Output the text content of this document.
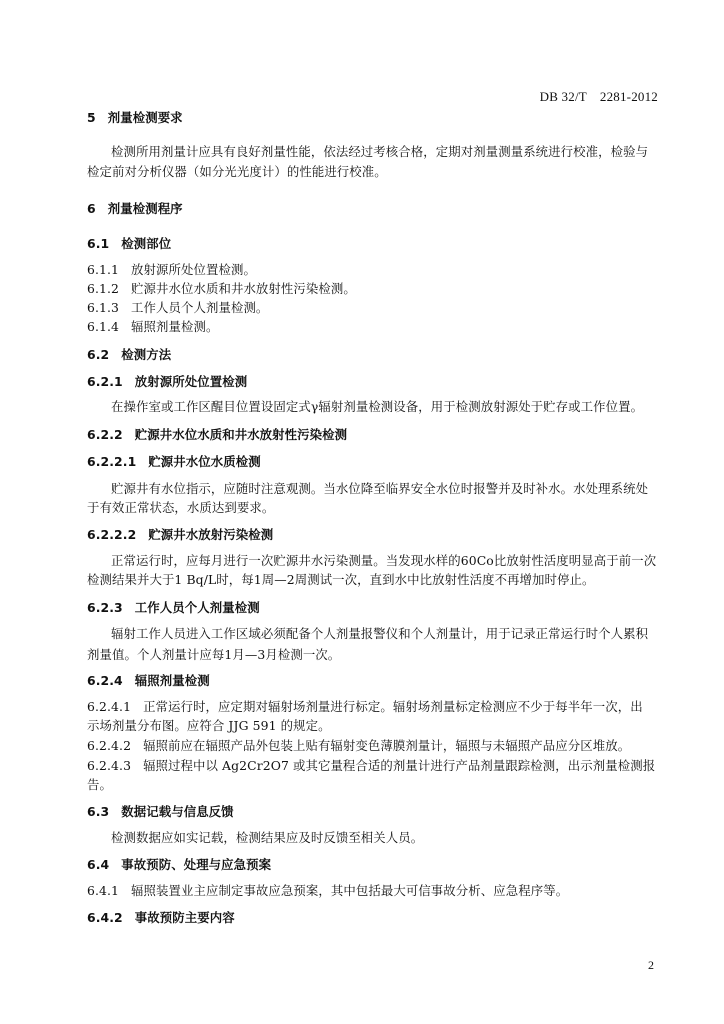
DB 32/T　2281-2012
5 剂量检测要求
检测所用剂量计应具有良好剂量性能，依法经过考核合格，定期对剂量测量系统进行校准，检验与
检定前对分析仪器（如分光光度计）的性能进行校准。
6 剂量检测程序
6.1 检测部位
6.1.1 放射源所处位置检测。
6.1.2 贮源井水位水质和井水放射性污染检测。
6.1.3 工作人员个人剂量检测。
6.1.4 辐照剂量检测。
6.2 检测方法
6.2.1 放射源所处位置检测
在操作室或工作区醒目位置设固定式γ辐射剂量检测设备，用于检测放射源处于贮存或工作位置。
6.2.2 贮源井水位水质和井水放射性污染检测
6.2.2.1 贮源井水位水质检测
贮源井有水位指示，应随时注意观测。当水位降至临界安全水位时报警并及时补水。水处理系统处
于有效正常状态，水质达到要求。
6.2.2.2 贮源井水放射污染检测
正常运行时，应每月进行一次贮源井水污染测量。当发现水样的60Co比放射性活度明显高于前一次
检测结果并大于1 Bq/L时，每1周—2周测试一次，直到水中比放射性活度不再增加时停止。
6.2.3 工作人员个人剂量检测
辐射工作人员进入工作区域必须配备个人剂量报警仪和个人剂量计，用于记录正常运行时个人累积
剂量值。个人剂量计应每1月—3月检测一次。
6.2.4 辐照剂量检测
6.2.4.1 正常运行时，应定期对辐射场剂量进行标定。辐射场剂量标定检测应不少于每半年一次，出
示场剂量分布图。应符合 JJG 591 的规定。
6.2.4.2 辐照前应在辐照产品外包装上贴有辐射变色薄膜剂量计，辐照与未辐照产品应分区堆放。
6.2.4.3 辐照过程中以 Ag2Cr2O7 或其它量程合适的剂量计进行产品剂量跟踪检测，出示剂量检测报
告。
6.3 数据记载与信息反馈
检测数据应如实记载，检测结果应及时反馈至相关人员。
6.4 事故预防、处理与应急预案
6.4.1 辐照装置业主应制定事故应急预案，其中包括最大可信事故分析、应急程序等。
6.4.2 事故预防主要内容
2
